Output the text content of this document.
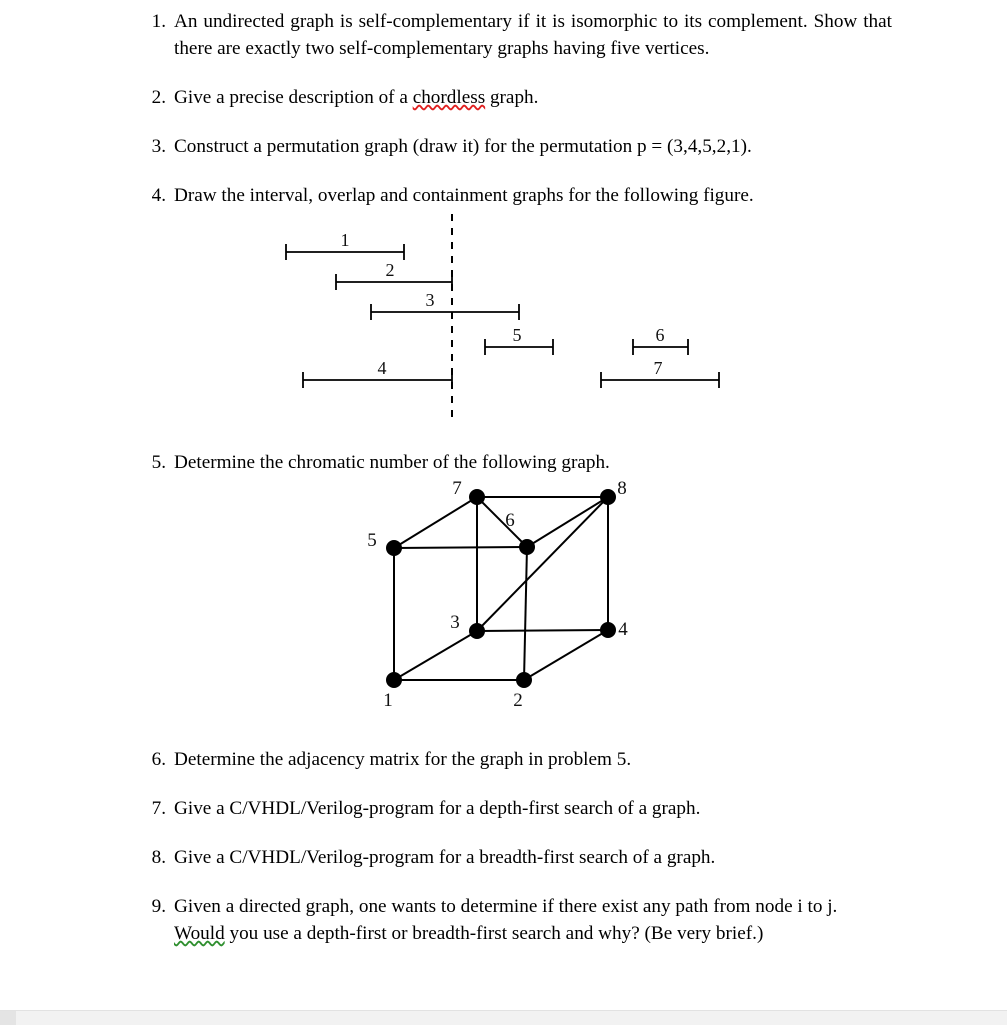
1. An undirected graph is self-complementary if it is isomorphic to its complement. Show that there are exactly two self-complementary graphs having five vertices.
2. Give a precise description of a chordless graph.
3. Construct a permutation graph (draw it) for the permutation p = (3,4,5,2,1).
4. Draw the interval, overlap and containment graphs for the following figure.
5. Determine the chromatic number of the following graph.
6. Determine the adjacency matrix for the graph in problem 5.
7. Give a C/VHDL/Verilog-program for a depth-first search of a graph.
8. Give a C/VHDL/Verilog-program for a breadth-first search of a graph.
9. Given a directed graph, one wants to determine if there exist any path from node i to j. Would you use a depth-first or breadth-first search and why? (Be very brief.)
1
2
3
5	6
4	7
7	8
5
6
3	4
1	2
